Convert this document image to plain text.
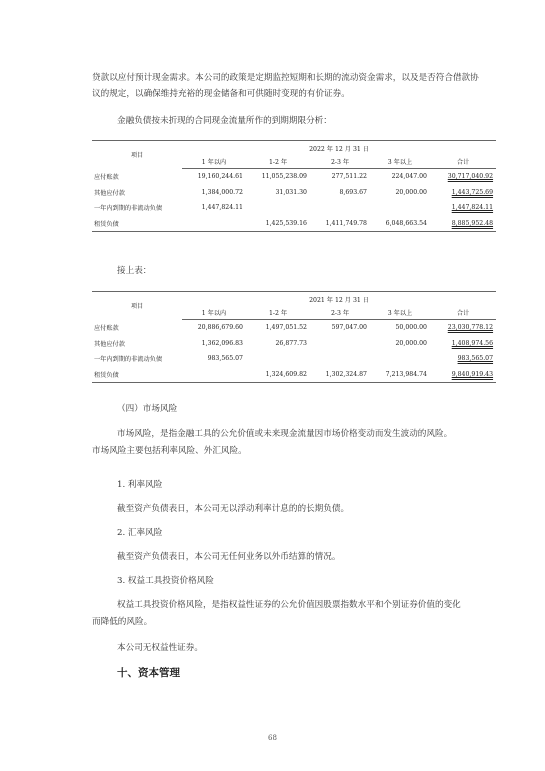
贷款以应付预计现金需求。本公司的政策是定期监控短期和长期的流动资金需求，以及是否符合借款协议的规定，以确保维持充裕的现金储备和可供随时变现的有价证券。
金融负债按未折现的合同现金流量所作的到期期限分析：
项目	2022 年 12 月 31 日				
	1 年以内	1-2 年	2-3 年	3 年以上	合计
应付账款	19,160,244.61	11,055,238.09	277,511.22	224,047.00	30,717,040.92
其他应付款	1,384,000.72	31,031.30	8,693.67	20,000.00	1,443,725.69
一年内到期的非流动负债	1,447,824.11				1,447,824.11
租赁负债		1,425,539.16	1,411,749.78	6,048,663.54	8,885,952.48
接上表：
项目	2021 年 12 月 31 日				
	1 年以内	1-2 年	2-3 年	3 年以上	合计
应付账款	20,886,679.60	1,497,051.52	597,047.00	50,000.00	23,030,778.12
其他应付款	1,362,096.83	26,877.73		20,000.00	1,408,974.56
一年内到期的非流动负债	983,565.07				983,565.07
租赁负债		1,324,609.82	1,302,324.87	7,213,984.74	9,840,919.43
（四）市场风险
市场风险，是指金融工具的公允价值或未来现金流量因市场价格变动而发生波动的风险。
市场风险主要包括利率风险、外汇风险。
1. 利率风险
截至资产负债表日，本公司无以浮动利率计息的的长期负债。
2. 汇率风险
截至资产负债表日，本公司无任何业务以外币结算的情况。
3. 权益工具投资价格风险
权益工具投资价格风险，是指权益性证券的公允价值因股票指数水平和个别证券价值的变化
而降低的风险。
本公司无权益性证券。
十、资本管理
68
